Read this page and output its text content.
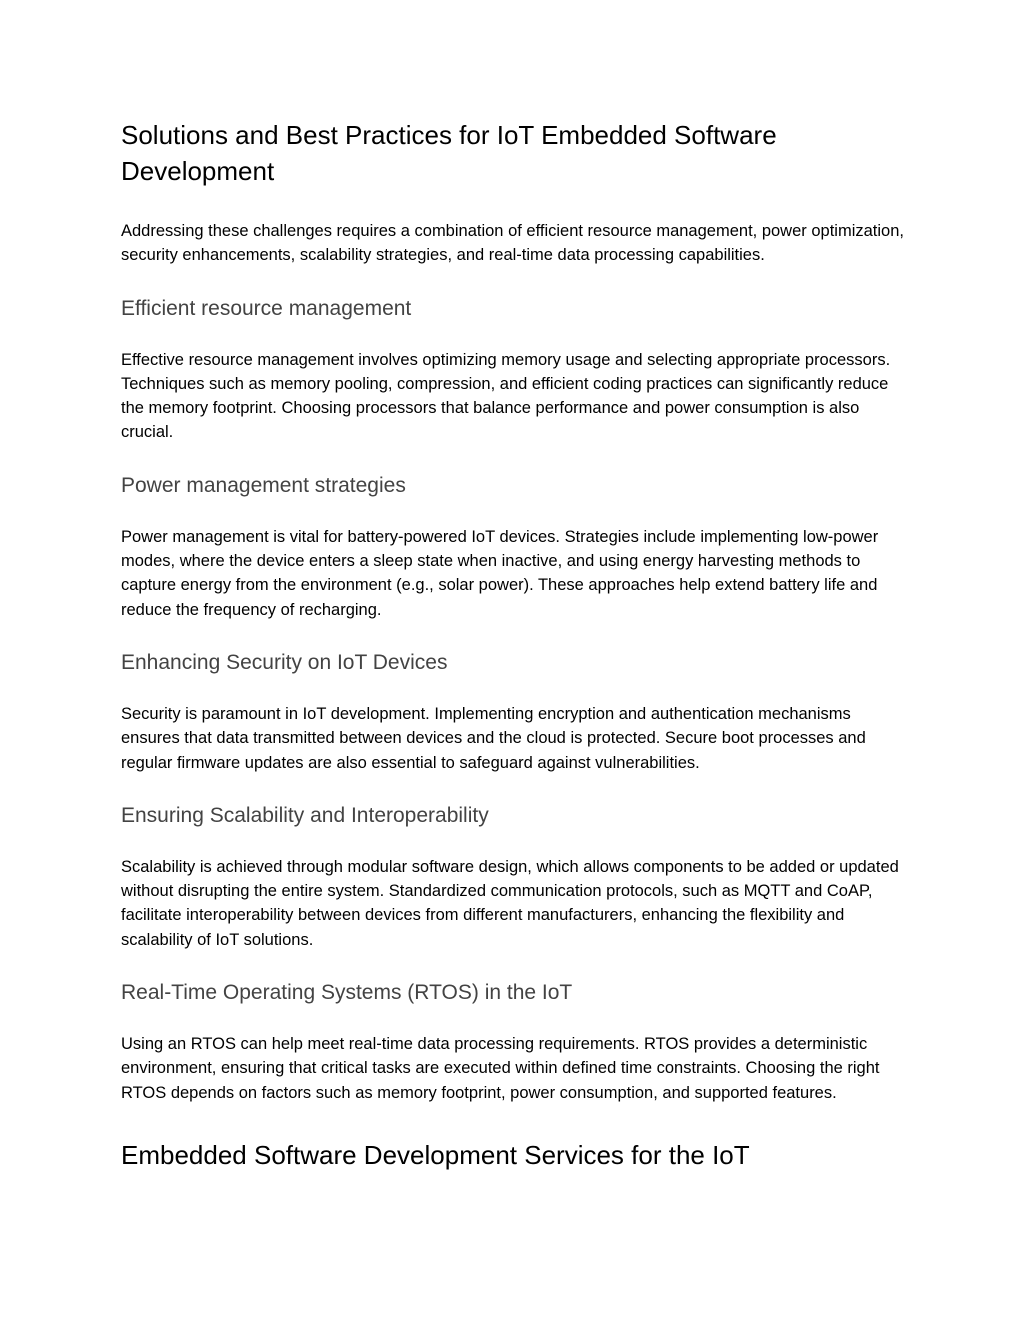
Solutions and Best Practices for IoT Embedded Software Development

Addressing these challenges requires a combination of efficient resource management, power optimization, security enhancements, scalability strategies, and real-time data processing capabilities.

Efficient resource management

Effective resource management involves optimizing memory usage and selecting appropriate processors. Techniques such as memory pooling, compression, and efficient coding practices can significantly reduce the memory footprint. Choosing processors that balance performance and power consumption is also crucial.

Power management strategies

Power management is vital for battery-powered IoT devices. Strategies include implementing low-power modes, where the device enters a sleep state when inactive, and using energy harvesting methods to capture energy from the environment (e.g., solar power). These approaches help extend battery life and reduce the frequency of recharging.

Enhancing Security on IoT Devices

Security is paramount in IoT development. Implementing encryption and authentication mechanisms ensures that data transmitted between devices and the cloud is protected. Secure boot processes and regular firmware updates are also essential to safeguard against vulnerabilities.

Ensuring Scalability and Interoperability

Scalability is achieved through modular software design, which allows components to be added or updated without disrupting the entire system. Standardized communication protocols, such as MQTT and CoAP, facilitate interoperability between devices from different manufacturers, enhancing the flexibility and scalability of IoT solutions.

Real-Time Operating Systems (RTOS) in the IoT

Using an RTOS can help meet real-time data processing requirements. RTOS provides a deterministic environment, ensuring that critical tasks are executed within defined time constraints. Choosing the right RTOS depends on factors such as memory footprint, power consumption, and supported features.

Embedded Software Development Services for the IoT
